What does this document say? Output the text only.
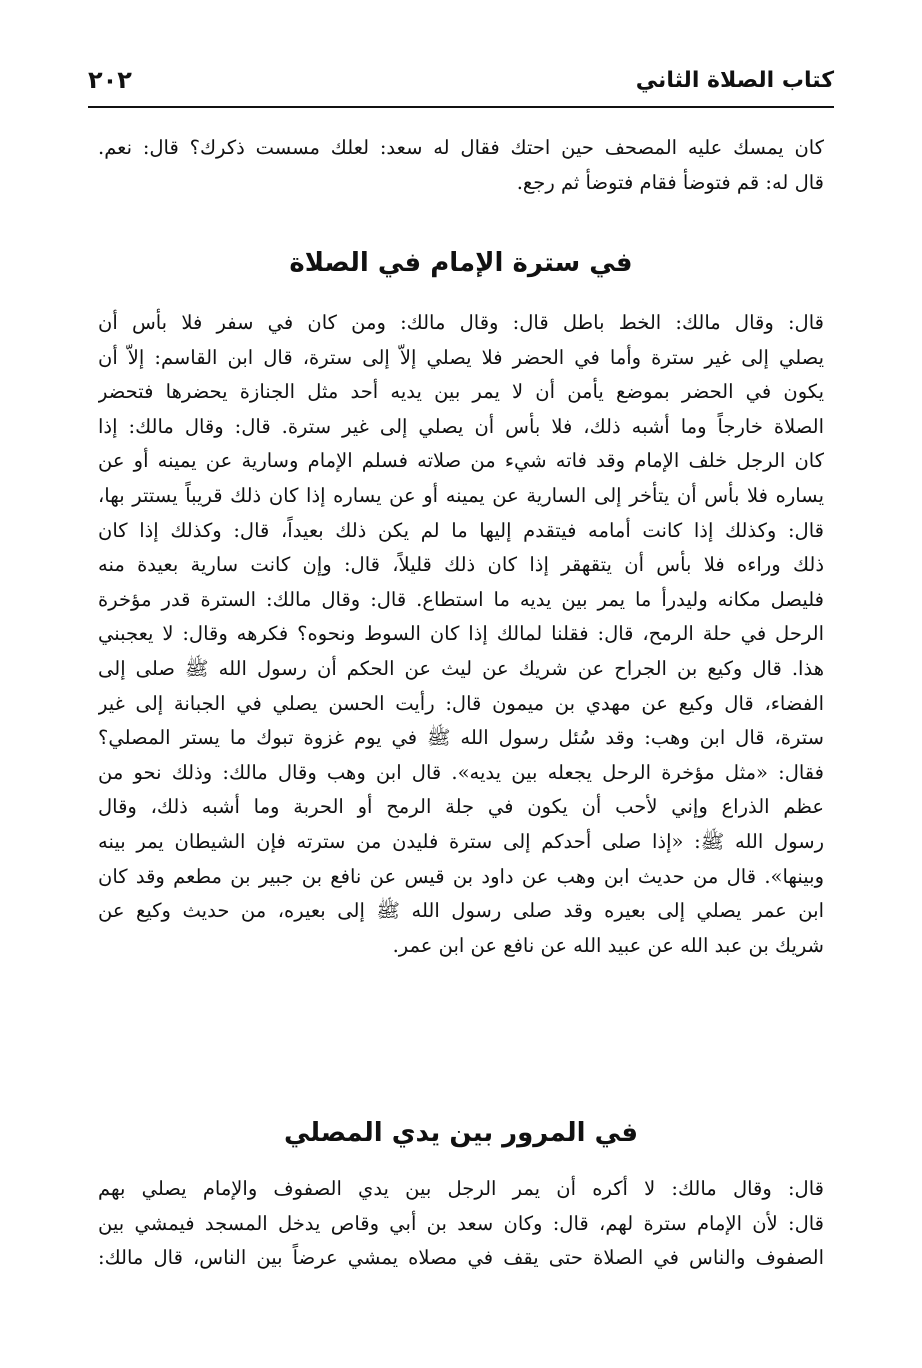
كتاب الصلاة الثاني
٢٠٢
كان يمسك عليه المصحف حين احتك فقال له سعد: لعلك مسست ذكرك؟ قال: نعم.
قال له: قم فتوضأ فقام فتوضأ ثم رجع.
في سترة الإمام في الصلاة
قال: وقال مالك: الخط باطل قال: وقال مالك: ومن كان في سفر فلا بأس أن
يصلي إلى غير سترة وأما في الحضر فلا يصلي إلاّ إلى سترة، قال ابن القاسم: إلاّ أن
يكون في الحضر بموضع يأمن أن لا يمر بين يديه أحد مثل الجنازة يحضرها فتحضر
الصلاة خارجاً وما أشبه ذلك، فلا بأس أن يصلي إلى غير سترة. قال: وقال مالك: إذا
كان الرجل خلف الإمام وقد فاته شيء من صلاته فسلم الإمام وسارية عن يمينه أو عن
يساره فلا بأس أن يتأخر إلى السارية عن يمينه أو عن يساره إذا كان ذلك قريباً يستتر بها،
قال: وكذلك إذا كانت أمامه فيتقدم إليها ما لم يكن ذلك بعيداً، قال: وكذلك إذا كان
ذلك وراءه فلا بأس أن يتقهقر إذا كان ذلك قليلاً، قال: وإن كانت سارية بعيدة منه
فليصل مكانه وليدرأ ما يمر بين يديه ما استطاع. قال: وقال مالك: السترة قدر مؤخرة
الرحل في حلة الرمح، قال: فقلنا لمالك إذا كان السوط ونحوه؟ فكرهه وقال: لا يعجبني
هذا. قال وكيع بن الجراح عن شريك عن ليث عن الحكم أن رسول الله ﷺ صلى إلى
الفضاء، قال وكيع عن مهدي بن ميمون قال: رأيت الحسن يصلي في الجبانة إلى غير
سترة، قال ابن وهب: وقد سُئل رسول الله ﷺ في يوم غزوة تبوك ما يستر المصلي؟
فقال: «مثل مؤخرة الرحل يجعله بين يديه». قال ابن وهب وقال مالك: وذلك نحو من
عظم الذراع وإني لأحب أن يكون في جلة الرمح أو الحربة وما أشبه ذلك، وقال
رسول الله ﷺ: «إذا صلى أحدكم إلى سترة فليدن من سترته فإن الشيطان يمر بينه
وبينها». قال من حديث ابن وهب عن داود بن قيس عن نافع بن جبير بن مطعم وقد كان
ابن عمر يصلي إلى بعيره وقد صلى رسول الله ﷺ إلى بعيره، من حديث وكيع عن
شريك بن عبد الله عن عبيد الله عن نافع عن ابن عمر.
في المرور بين يدي المصلي
قال: وقال مالك: لا أكره أن يمر الرجل بين يدي الصفوف والإمام يصلي بهم
قال: لأن الإمام سترة لهم، قال: وكان سعد بن أبي وقاص يدخل المسجد فيمشي بين
الصفوف والناس في الصلاة حتى يقف في مصلاه يمشي عرضاً بين الناس، قال مالك:
